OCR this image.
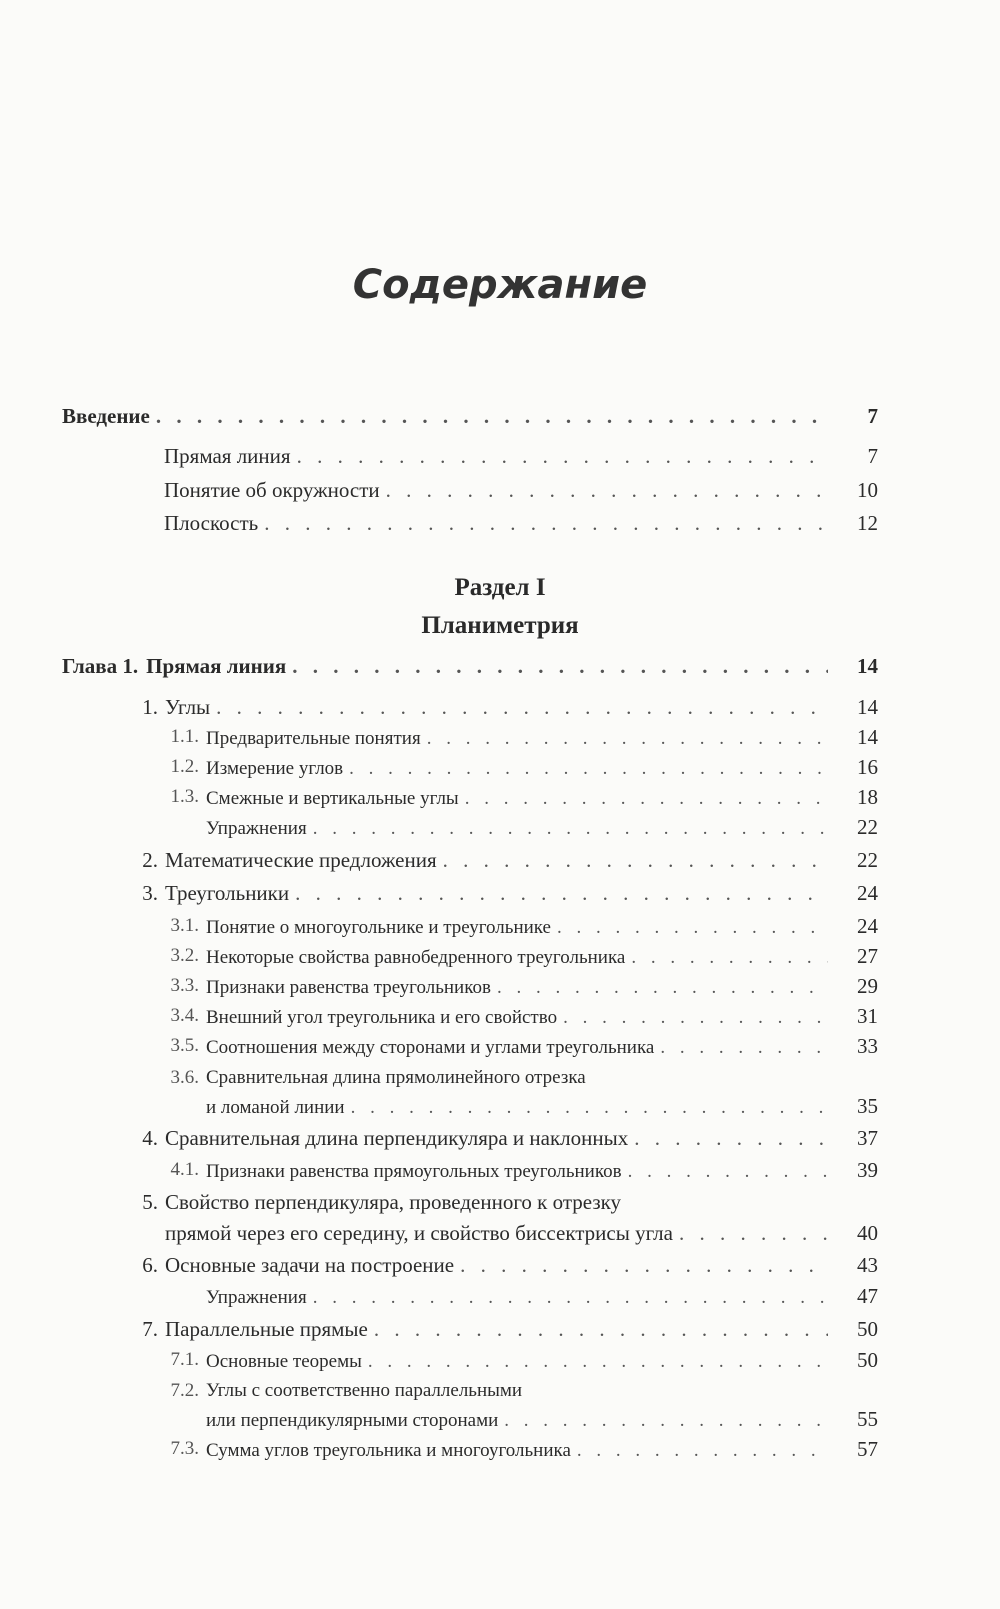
Содержание
Введение . . .	7
Прямая линия . . .	7
Понятие об окружности . . .	10
Плоскость . . .	12
Раздел I
Планиметрия
Глава 1. Прямая линия . . .	14
1. Углы . . .	14
1.1. Предварительные понятия . . .	14
1.2. Измерение углов . . .	16
1.3. Смежные и вертикальные углы . . .	18
Упражнения . . .	22
2. Математические предложения . . .	22
3. Треугольники . . .	24
3.1. Понятие о многоугольнике и треугольнике . . .	24
3.2. Некоторые свойства равнобедренного треугольника . . .	27
3.3. Признаки равенства треугольников . . .	29
3.4. Внешний угол треугольника и его свойство . . .	31
3.5. Соотношения между сторонами и углами треугольника . . .	33
3.6. Сравнительная длина прямолинейного отрезка
и ломаной линии . . .	35
4. Сравнительная длина перпендикуляра и наклонных . . .	37
4.1. Признаки равенства прямоугольных треугольников . . .	39
5. Свойство перпендикуляра, проведенного к отрезку
прямой через его середину, и свойство биссектрисы угла . . .	40
6. Основные задачи на построение . . .	43
Упражнения . . .	47
7. Параллельные прямые . . .	50
7.1. Основные теоремы . . .	50
7.2. Углы с соответственно параллельными
или перпендикулярными сторонами . . .	55
7.3. Сумма углов треугольника и многоугольника . . .	57
